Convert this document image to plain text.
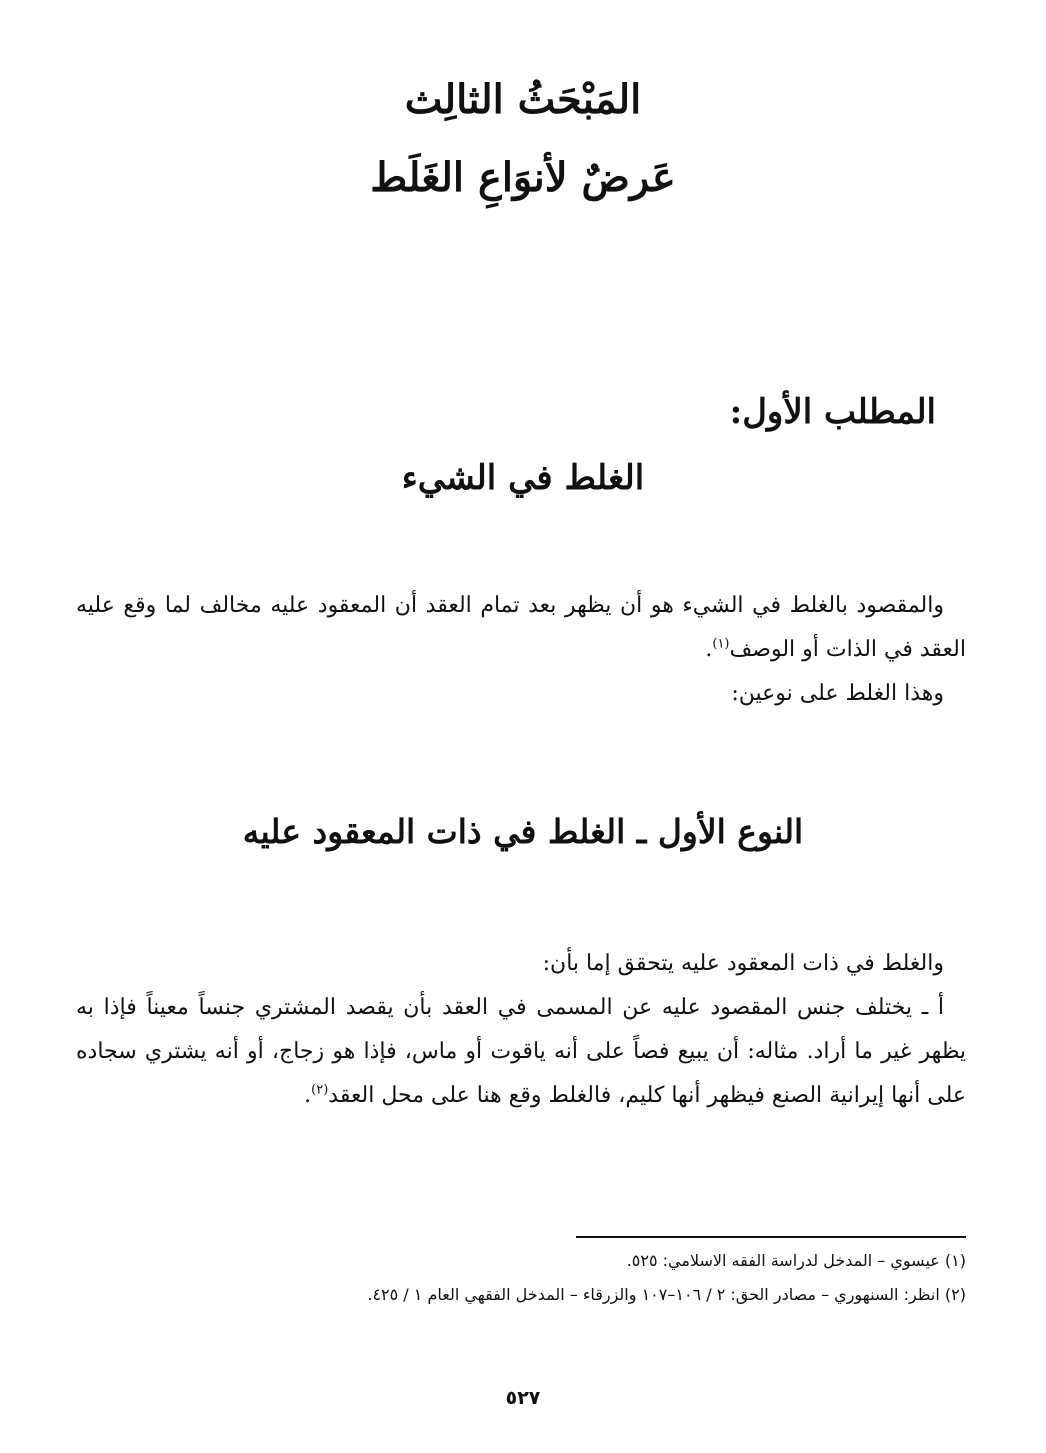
المَبْحَثُ الثالِث
عَرضٌ لأنوَاعِ الغَلَط
المطلب الأول:
الغلط في الشيء

والمقصود بالغلط في الشيء هو أن يظهر بعد تمام العقد أن المعقود عليه مخالف لما وقع عليه العقد في الذات أو الوصف$^{(١)}$.

وهذا الغلط على نوعين:

النوع الأول ـ الغلط في ذات المعقود عليه

والغلط في ذات المعقود عليه يتحقق إما بأن:

أ ـ يختلف جنس المقصود عليه عن المسمى في العقد بأن يقصد المشتري جنساً معيناً فإذا به يظهر غير ما أراد. مثاله: أن يبيع فصاً على أنه ياقوت أو ماس، فإذا هو زجاج، أو أنه يشتري سجاده على أنها إيرانية الصنع فيظهر أنها كليم، فالغلط وقع هنا على محل العقد$^{(٢)}$.

(١) عيسوي – المدخل لدراسة الفقه الاسلامي: ٥٢٥.
(٢) انظر: السنهوري – مصادر الحق: ٢ / ١٠٦–١٠٧ والزرقاء – المدخل الفقهي العام ١ / ٤٢٥.
٥٢٧
